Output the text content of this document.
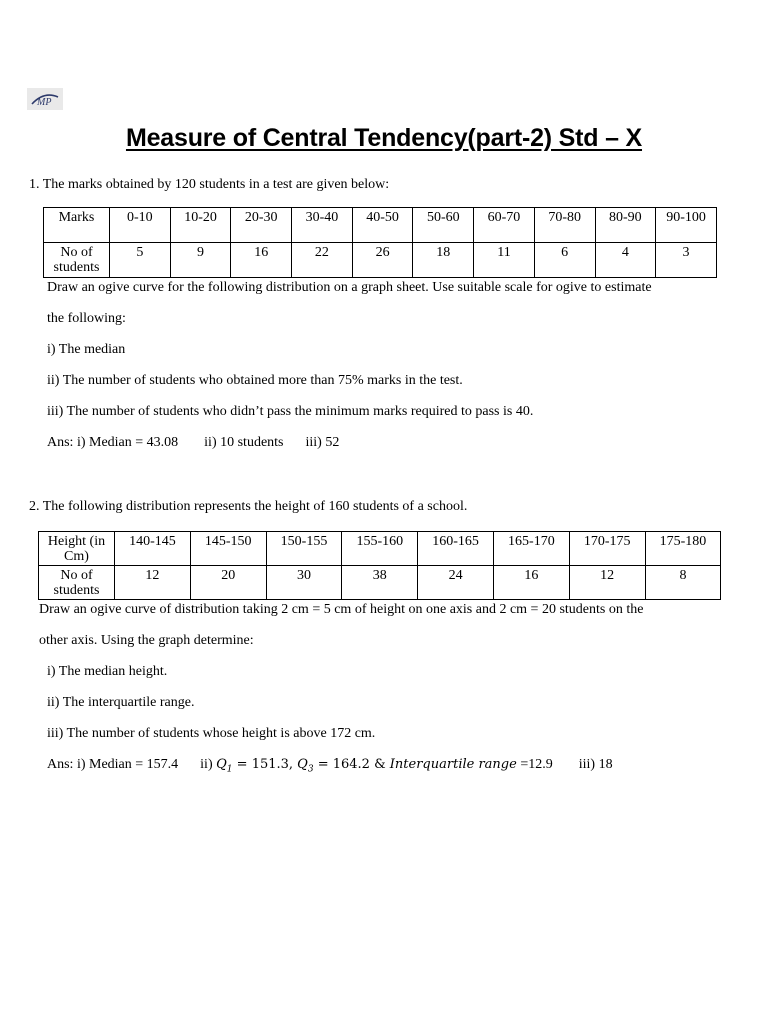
MP
Measure of Central Tendency(part-2) Std – X
1. The marks obtained by 120 students in a test are given below:
Marks	0-10	10-20	20-30	30-40	40-50	50-60	60-70	70-80	80-90	90-100
No of students	5	9	16	22	26	18	11	6	4	3
Draw an ogive curve for the following distribution on a graph sheet. Use suitable scale for ogive to estimate
the following:
i) The median
ii) The number of students who obtained more than 75% marks in the test.
iii) The number of students who didn’t pass the minimum marks required to pass is 40.
Ans: i) Median = 43.08 ii) 10 students iii) 52
2. The following distribution represents the height of 160 students of a school.
Height (in Cm)	140-145	145-150	150-155	155-160	160-165	165-170	170-175	175-180
No of students	12	20	30	38	24	16	12	8
Draw an ogive curve of distribution taking 2 cm = 5 cm of height on one axis and 2 cm = 20 students on the
other axis. Using the graph determine:
i) The median height.
ii) The interquartile range.
iii) The number of students whose height is above 172 cm.
Ans: i) Median = 157.4 ii) $Q_1 = 151.3$, $Q_3 = 164.2$ & Interquartile range =12.9 iii) 18
